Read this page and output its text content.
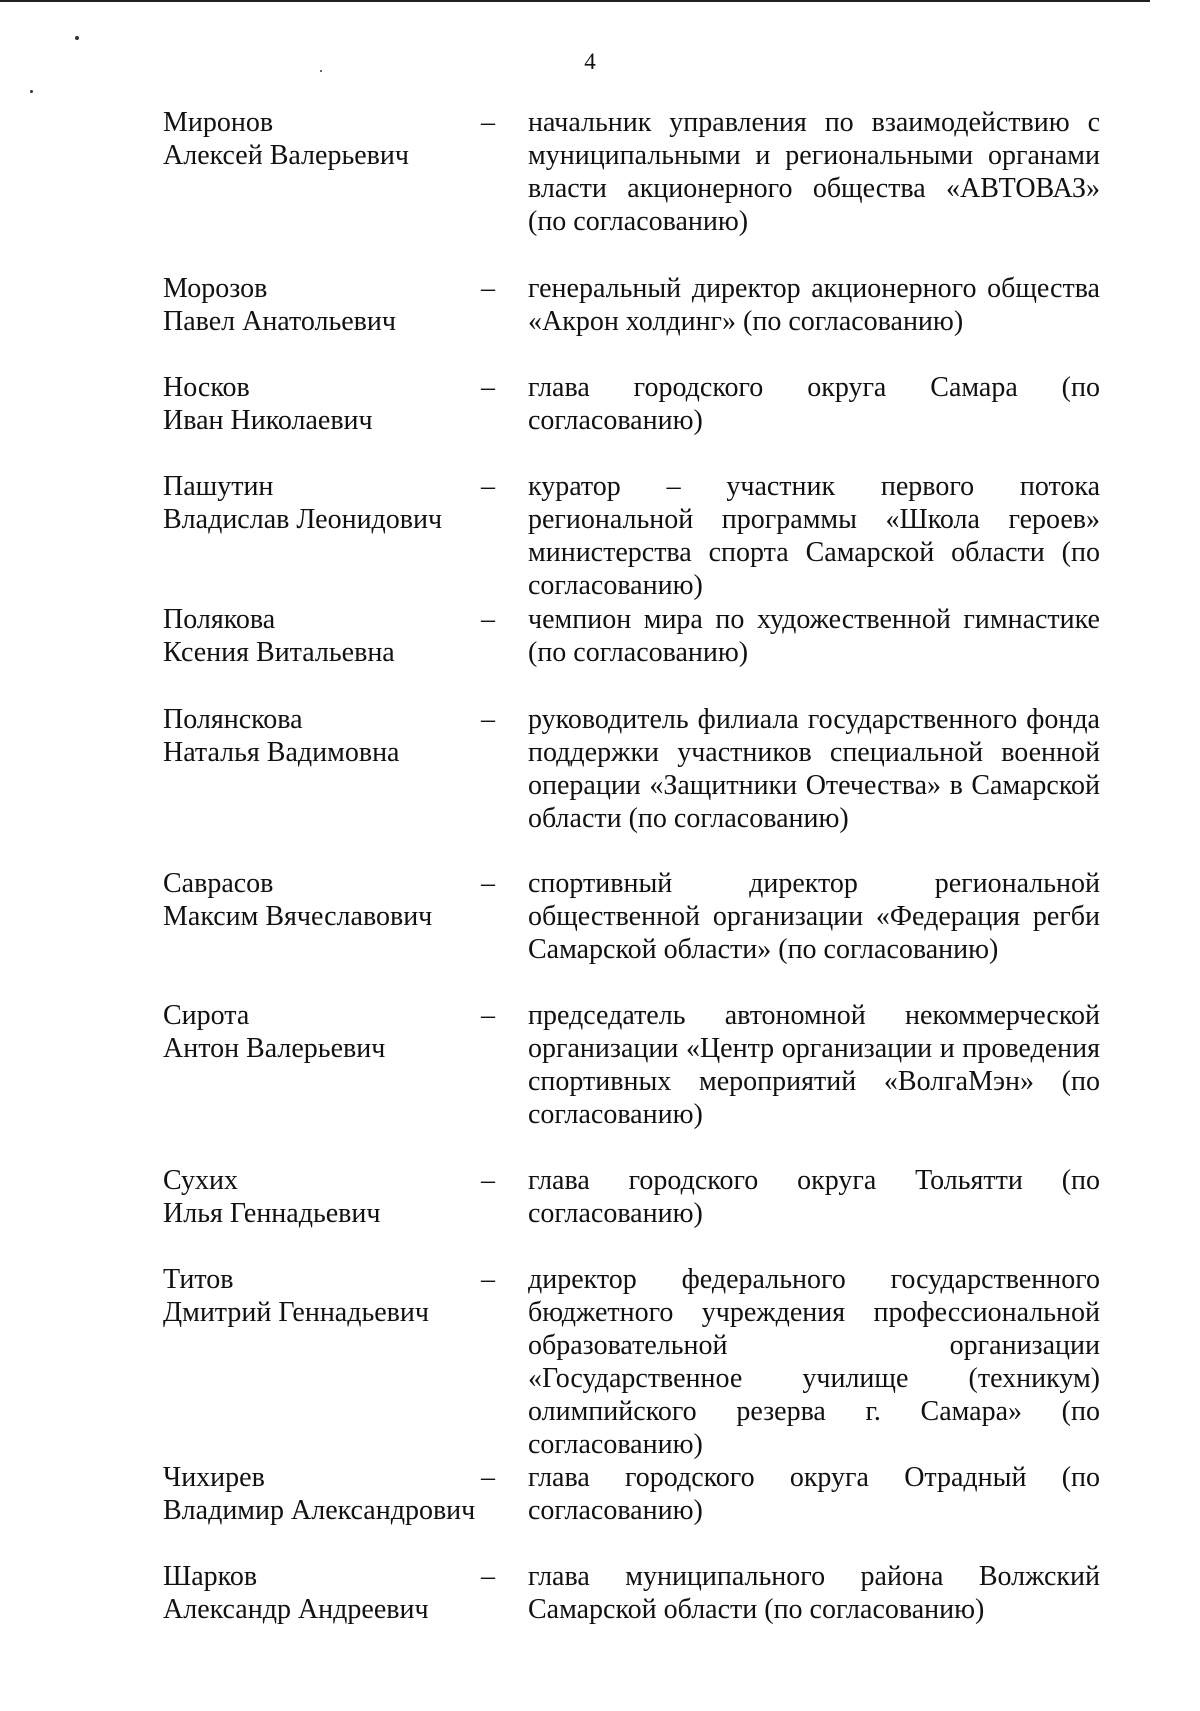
4
Миронов
Алексей Валерьевич
–	начальник управления по взаимодействию с муниципальными и региональными органами власти акционерного общества «АВТОВАЗ» (по согласованию)
Морозов
Павел Анатольевич
–	генеральный директор акционерного общества «Акрон холдинг» (по согласованию)
Носков
Иван Николаевич
–	глава городского округа Самара (по согласованию)
Пашутин
Владислав Леонидович
–	куратор – участник первого потока региональной программы «Школа героев» министерства спорта Самарской области (по согласованию)
Полякова
Ксения Витальевна
–	чемпион мира по художественной гимнастике (по согласованию)
Полянскова
Наталья Вадимовна
–	руководитель филиала государственного фонда поддержки участников специальной военной операции «Защитники Отечества» в Самарской области (по согласованию)
Саврасов
Максим Вячеславович
–	спортивный директор региональной общественной организации «Федерация регби Самарской области» (по согласованию)
Сирота
Антон Валерьевич
–	председатель автономной некоммерческой организации «Центр организации и проведения спортивных мероприятий «ВолгаМэн» (по согласованию)
Сухих
Илья Геннадьевич
–	глава городского округа Тольятти (по согласованию)
Титов
Дмитрий Геннадьевич
–	директор федерального государственного бюджетного учреждения профессиональной образовательной организации «Государственное училище (техникум) олимпийского резерва г. Самара» (по согласованию)
Чихирев
Владимир Александрович
–	глава городского округа Отрадный (по согласованию)
Шарков
Александр Андреевич
–	глава муниципального района Волжский Самарской области (по согласованию)
